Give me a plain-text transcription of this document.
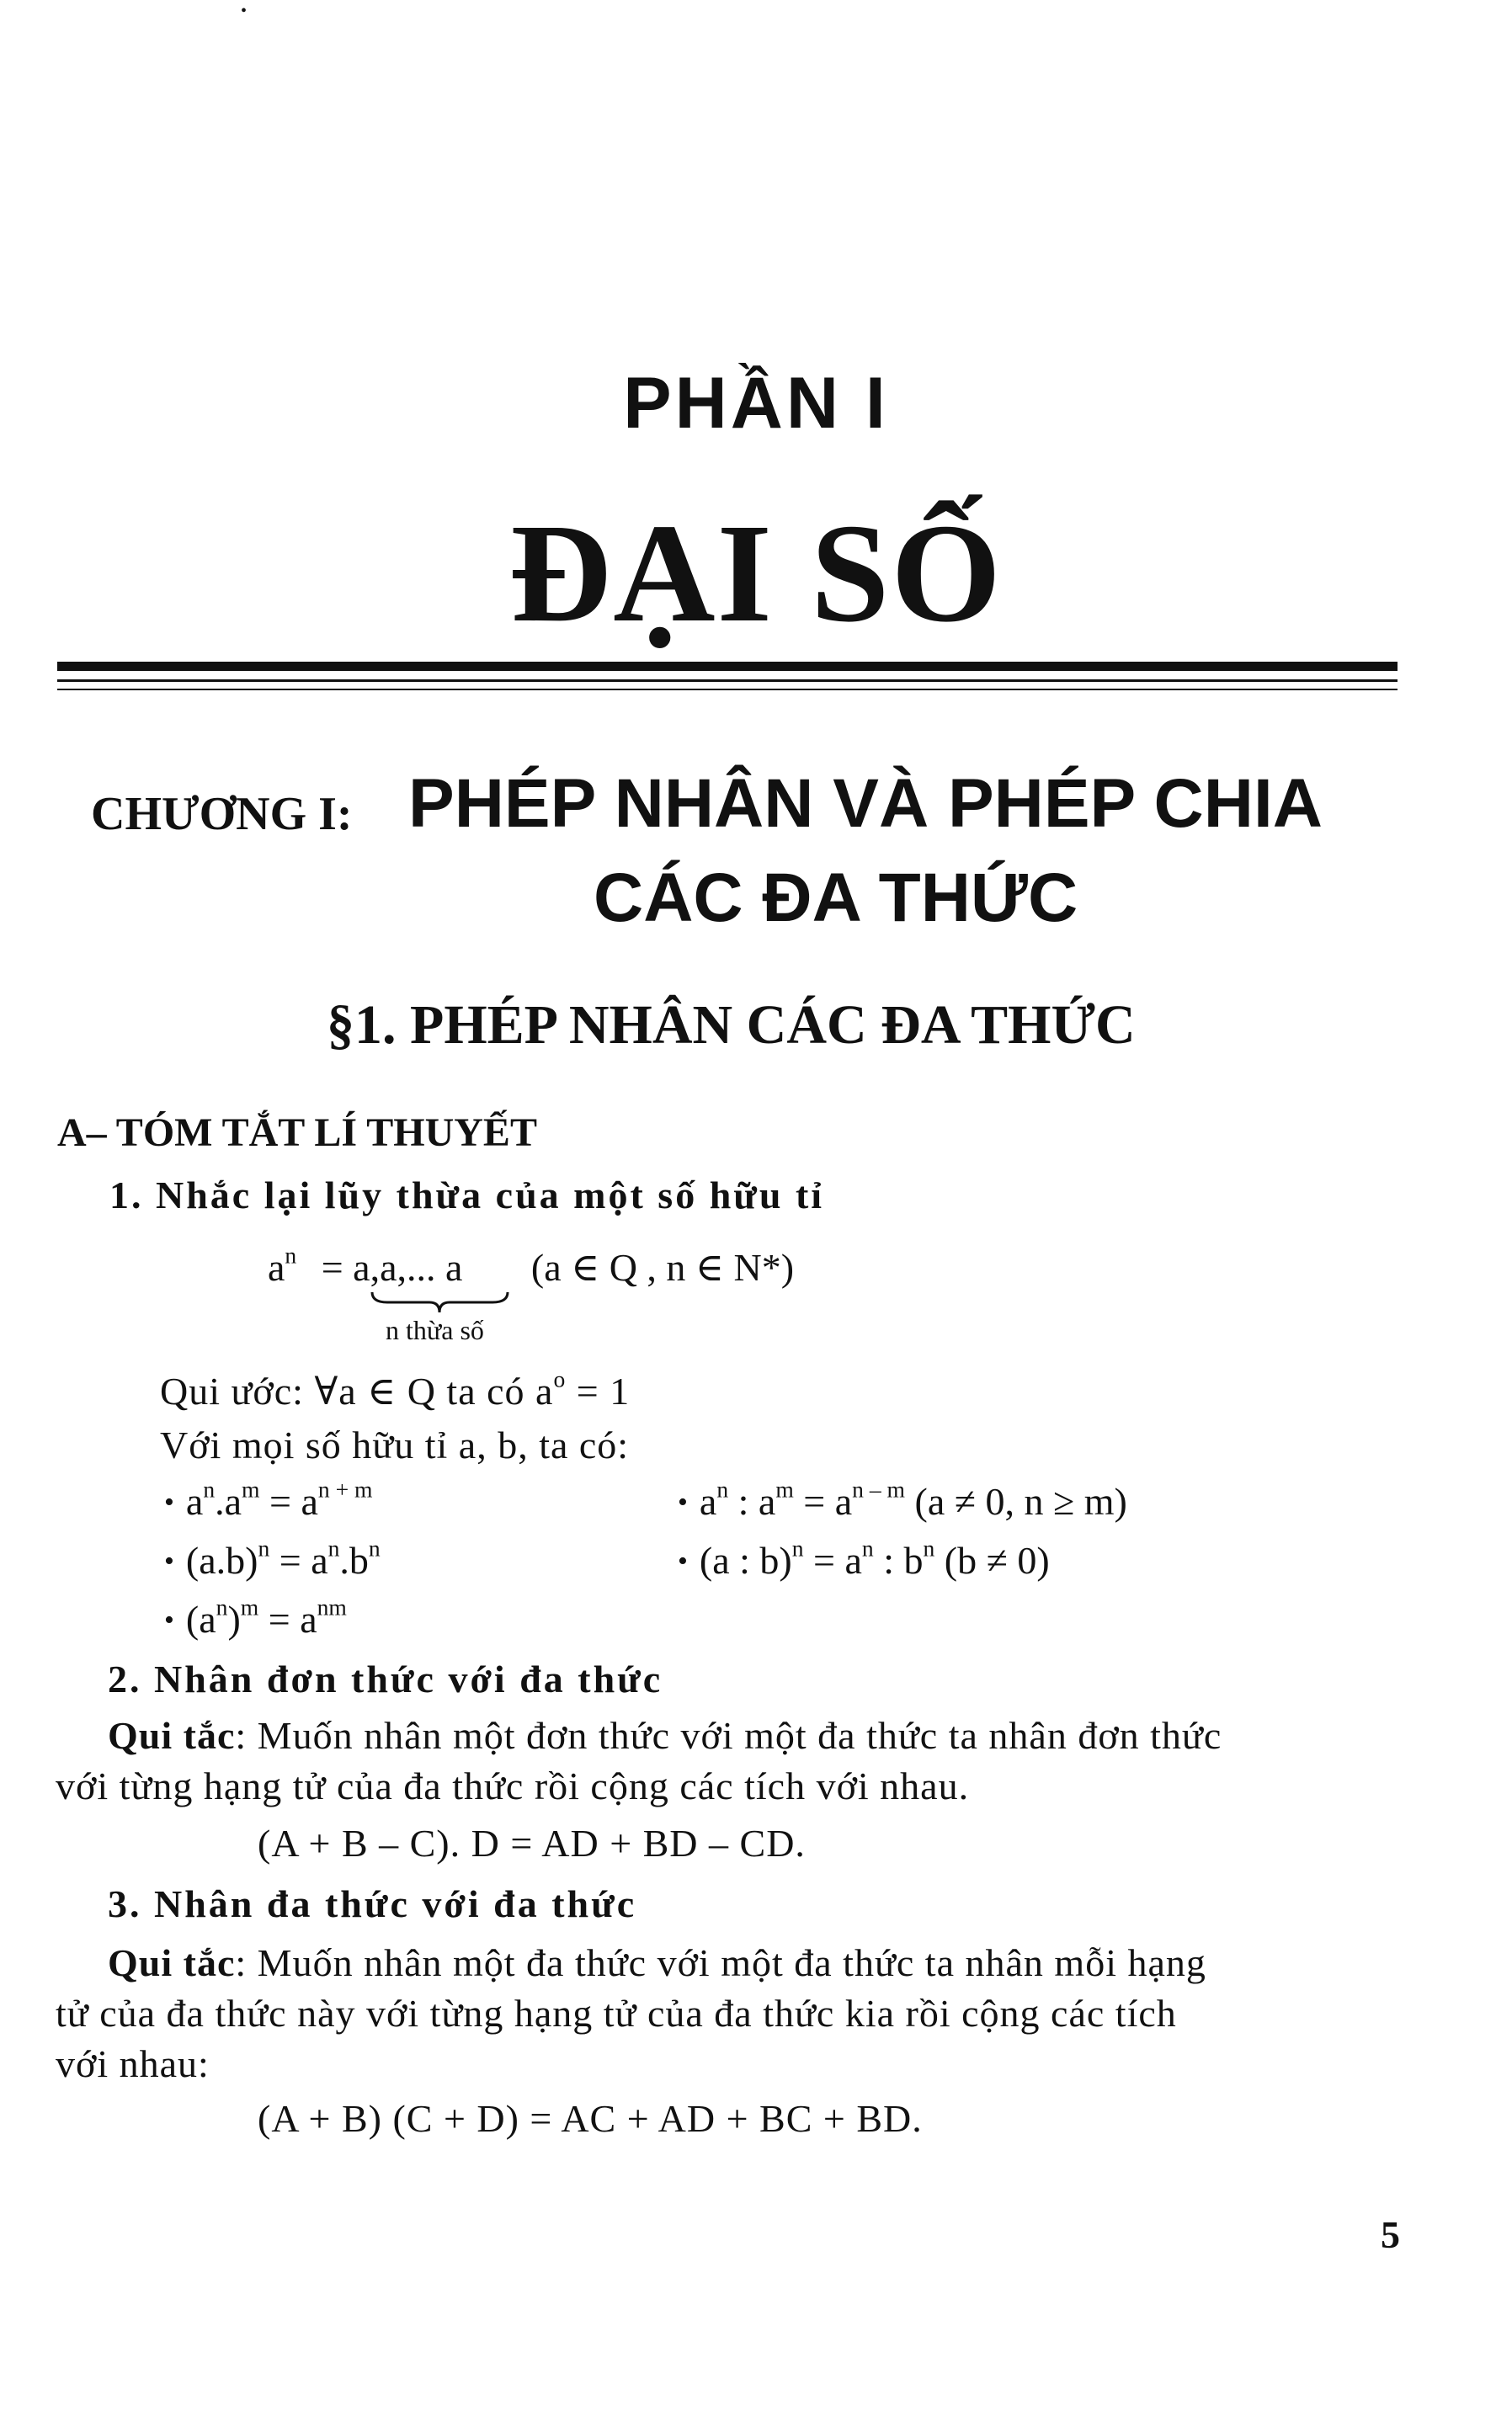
•
PHẦN I
ĐẠI SỐ
CHƯƠNG I: PHÉP NHÂN VÀ PHÉP CHIA
CÁC ĐA THỨC
§1. PHÉP NHÂN CÁC ĐA THỨC
A– TÓM TẮT LÍ THUYẾT
1. Nhắc lại lũy thừa của một số hữu tỉ
$a^n = a,a$,... a (a ∈ Q , n ∈ N*)
n thừa số
Qui ước: ∀a ∈ Q ta có $a^o = 1$
Với mọi số hữu tỉ a, b, ta có:
• $a^n.a^m = a^{n + m}$	• $a^n$ : $a^m = a^{n - m}$ (a ≠ 0, n ≥ m)
• $(a.b)^n = a^n.b^n$	• (a : $b)^n = a^n$ : $b^n$ (b ≠ 0)
• $(a^n)^m = a^{nm}$
2. Nhân đơn thức với đa thức
Qui tắc: Muốn nhân một đơn thức với một đa thức ta nhân đơn thức
với từng hạng tử của đa thức rồi cộng các tích với nhau.
(A + B – C). D = AD + BD – CD.
3. Nhân đa thức với đa thức
Qui tắc: Muốn nhân một đa thức với một đa thức ta nhân mỗi hạng
tử của đa thức này với từng hạng tử của đa thức kia rồi cộng các tích
với nhau:
(A + B) (C + D) = AC + AD + BC + BD.
5
